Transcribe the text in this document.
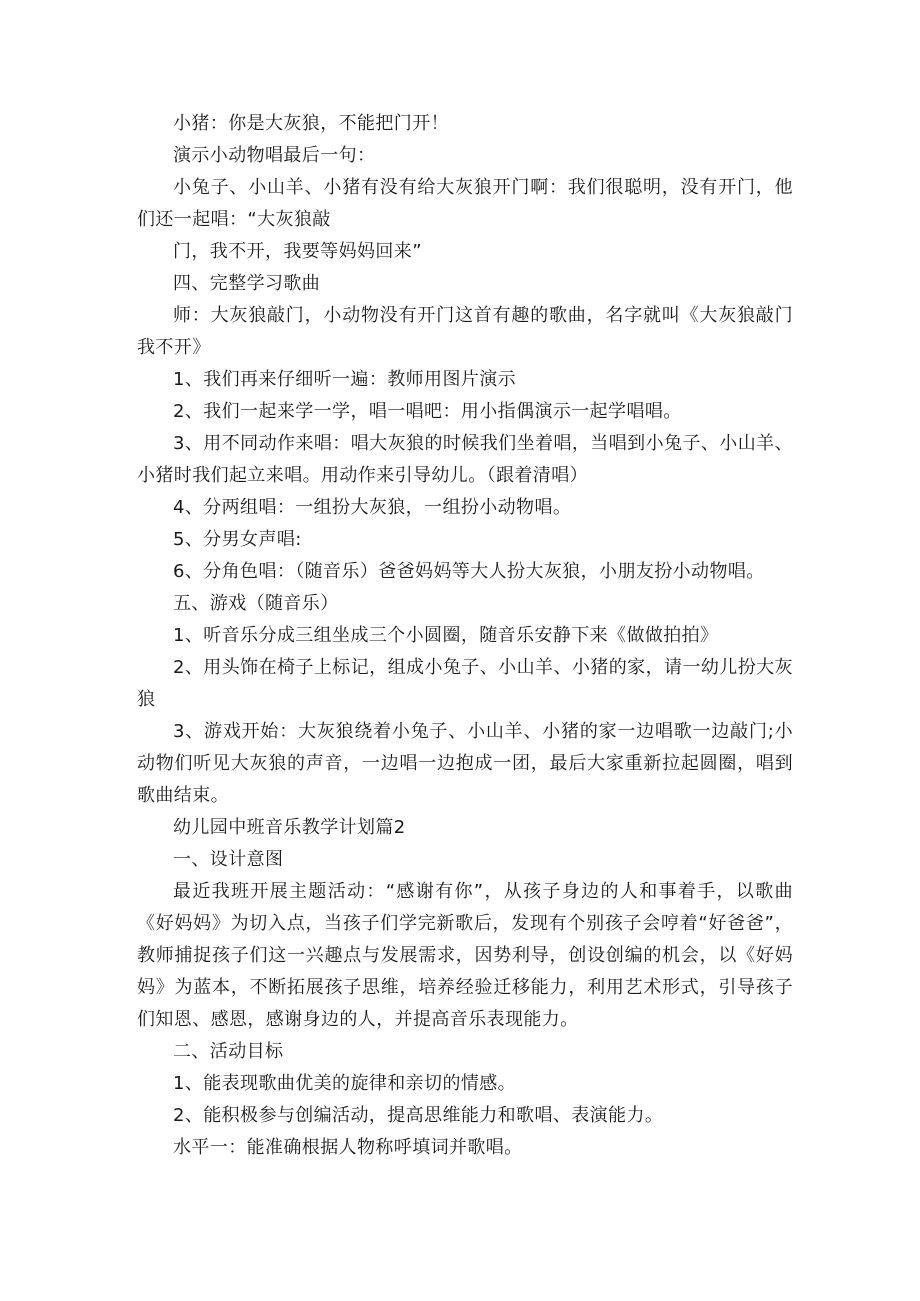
小猪：你是大灰狼，不能把门开！

演示小动物唱最后一句：

小兔子、小山羊、小猪有没有给大灰狼开门啊：我们很聪明，没有开门，他们还一起唱：“大灰狼敲

门，我不开，我要等妈妈回来”

四、完整学习歌曲

师：大灰狼敲门，小动物没有开门这首有趣的歌曲，名字就叫《大灰狼敲门我不开》

1、我们再来仔细听一遍：教师用图片演示

2、我们一起来学一学，唱一唱吧：用小指偶演示一起学唱唱。

3、用不同动作来唱：唱大灰狼的时候我们坐着唱，当唱到小兔子、小山羊、小猪时我们起立来唱。用动作来引导幼儿。（跟着清唱）

4、分两组唱：一组扮大灰狼，一组扮小动物唱。

5、分男女声唱:

6、分角色唱：（随音乐）爸爸妈妈等大人扮大灰狼，小朋友扮小动物唱。

五、游戏（随音乐）

1、听音乐分成三组坐成三个小圆圈，随音乐安静下来《做做拍拍》

2、用头饰在椅子上标记，组成小兔子、小山羊、小猪的家，请一幼儿扮大灰狼

3、游戏开始：大灰狼绕着小兔子、小山羊、小猪的家一边唱歌一边敲门;小动物们听见大灰狼的声音，一边唱一边抱成一团，最后大家重新拉起圆圈，唱到歌曲结束。

幼儿园中班音乐教学计划篇2

一、设计意图

最近我班开展主题活动：“感谢有你”，从孩子身边的人和事着手，以歌曲《好妈妈》为切入点，当孩子们学完新歌后，发现有个别孩子会哼着“好爸爸”，教师捕捉孩子们这一兴趣点与发展需求，因势利导，创设创编的机会，以《好妈妈》为蓝本，不断拓展孩子思维，培养经验迁移能力，利用艺术形式，引导孩子们知恩、感恩，感谢身边的人，并提高音乐表现能力。

二、活动目标

1、能表现歌曲优美的旋律和亲切的情感。

2、能积极参与创编活动，提高思维能力和歌唱、表演能力。

水平一：能准确根据人物称呼填词并歌唱。
